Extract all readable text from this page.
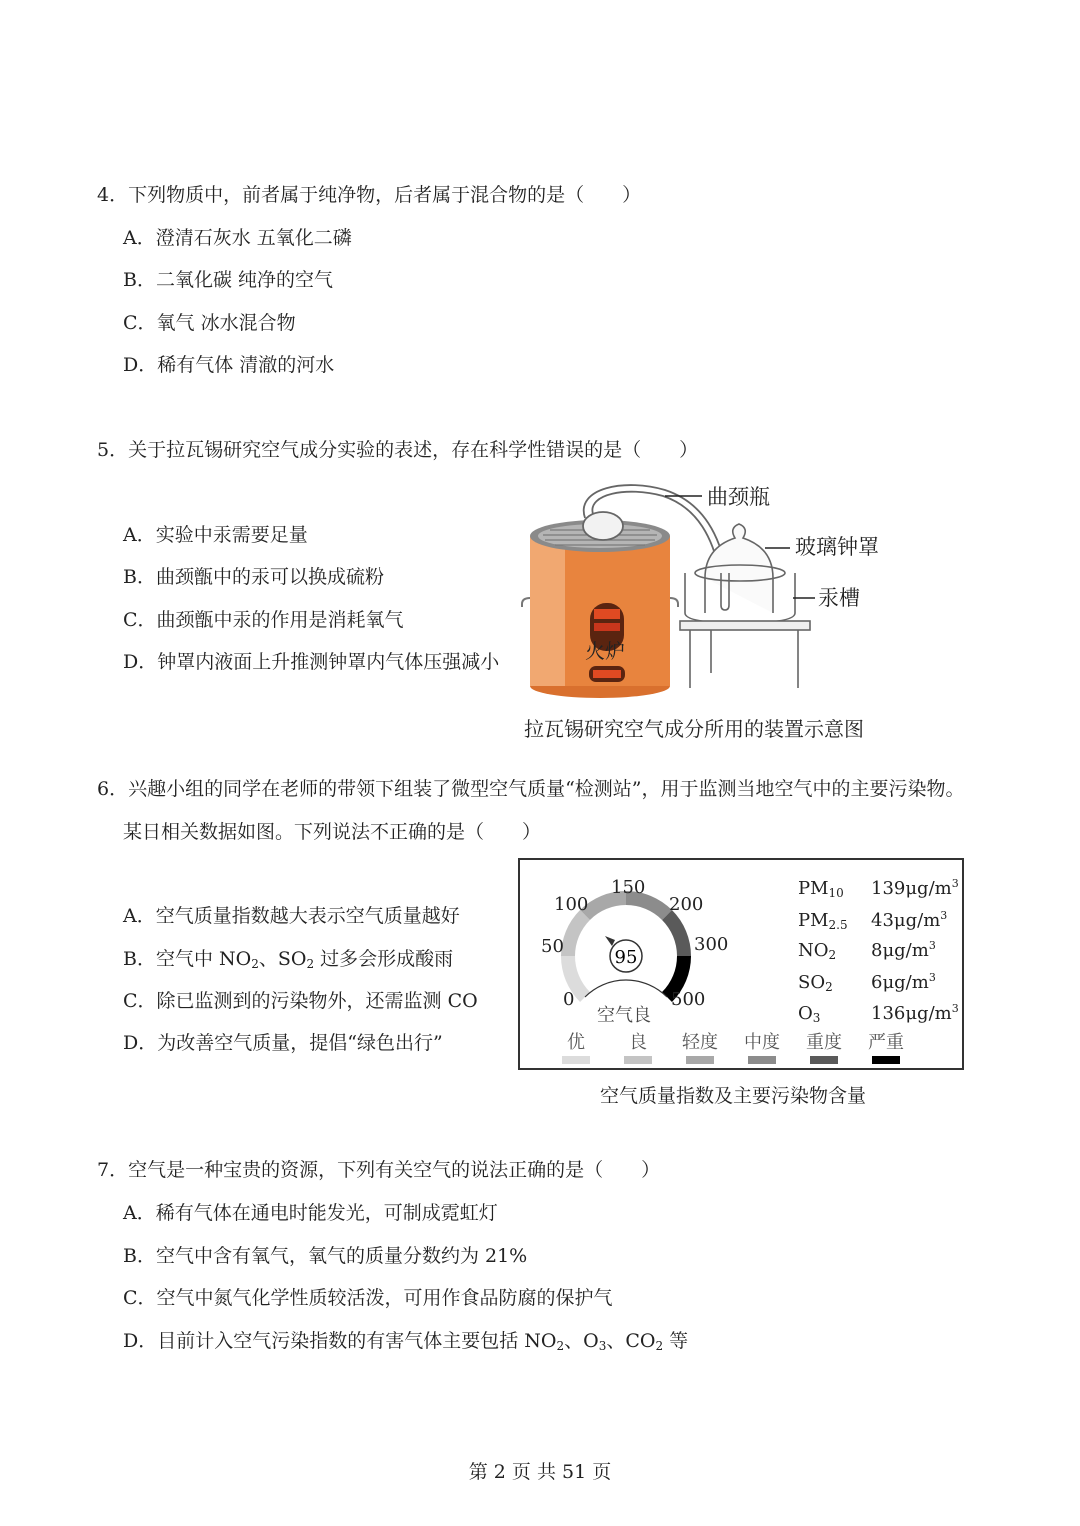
4．下列物质中，前者属于纯净物，后者属于混合物的是（　　）
A．澄清石灰水 五氧化二磷
B．二氧化碳 纯净的空气
C．氧气 冰水混合物
D．稀有气体 清澈的河水
5．关于拉瓦锡研究空气成分实验的表述，存在科学性错误的是（　　）
A．实验中汞需要足量
B．曲颈甑中的汞可以换成硫粉
C．曲颈甑中汞的作用是消耗氧气
D．钟罩内液面上升推测钟罩内气体压强减小
曲颈瓶
玻璃钟罩
汞槽
火炉
拉瓦锡研究空气成分所用的装置示意图
6．兴趣小组的同学在老师的带领下组装了微型空气质量“检测站”，用于监测当地空气中的主要污染物。
某日相关数据如图。下列说法不正确的是（　　）
A．空气质量指数越大表示空气质量越好
B．空气中 $NO_2$、$SO_2$ 过多会形成酸雨
C．除已监测到的污染物外，还需监测 CO
D．为改善空气质量，提倡“绿色出行”
95
0
50
100
150
200
300
500
空气良
优 良 轻度 中度 重度 严重
$PM_{10}$ $139\mu g/m^3$
$PM_{2.5}$ $43\mu g/m^3$
$NO_2$ $8\mu g/m^3$
$SO_2$ $6\mu g/m^3$
$O_3$	$136\mu g/m^3$
空气质量指数及主要污染物含量
7．空气是一种宝贵的资源，下列有关空气的说法正确的是（　　）
A．稀有气体在通电时能发光，可制成霓虹灯
B．空气中含有氧气，氧气的质量分数约为 21%
C．空气中氮气化学性质较活泼，可用作食品防腐的保护气
D．目前计入空气污染指数的有害气体主要包括 $NO_2$、$O_3$、$CO_2$ 等
第 2 页 共 51 页
